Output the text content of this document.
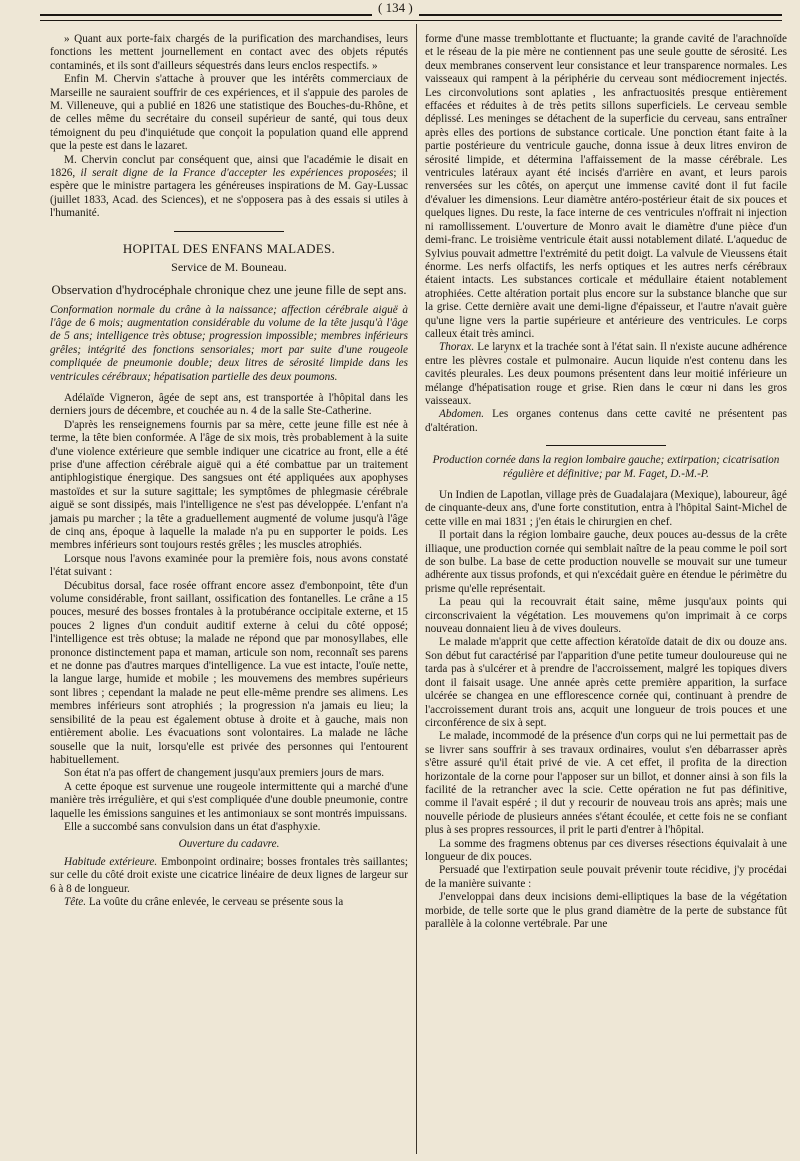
( 134 )

» Quant aux porte-faix chargés de la purification des marchandises, leurs fonctions les mettent journellement en contact avec des objets réputés contaminés, et ils sont d'ailleurs séquestrés dans leurs enclos respectifs. »

Enfin M. Chervin s'attache à prouver que les intérêts commerciaux de Marseille ne sauraient souffrir de ces expériences, et il s'appuie des paroles de M. Villeneuve, qui a publié en 1826 une statistique des Bouches-du-Rhône, et de celles même du secrétaire du conseil supérieur de santé, qui tous deux témoignent du peu d'inquiétude que conçoit la population quand elle apprend que la peste est dans le lazaret.

M. Chervin conclut par conséquent que, ainsi que l'académie le disait en 1826, il serait digne de la France d'accepter les expériences proposées; il espère que le ministre partagera les généreuses inspirations de M. Gay-Lussac (juillet 1833, Acad. des Sciences), et ne s'opposera pas à des essais si utiles à l'humanité.

HOPITAL DES ENFANS MALADES.

Service de M. Bouneau.

Observation d'hydrocéphale chronique chez une jeune fille de sept ans.

Conformation normale du crâne à la naissance; affection cérébrale aiguë à l'âge de 6 mois; augmentation considérable du volume de la tête jusqu'à l'âge de 5 ans; intelligence très obtuse; progression impossible; membres inférieurs grêles; intégrité des fonctions sensoriales; mort par suite d'une rougeole compliquée de pneumonie double; deux litres de sérosité limpide dans les ventricules cérébraux; hépatisation partielle des deux poumons.

Adélaïde Vigneron, âgée de sept ans, est transportée à l'hôpital dans les derniers jours de décembre, et couchée au n. 4 de la salle Ste-Catherine.

D'après les renseignemens fournis par sa mère, cette jeune fille est née à terme, la tête bien conformée. A l'âge de six mois, très probablement à la suite d'une violence extérieure que semble indiquer une cicatrice au front, elle a été prise d'une affection cérébrale aiguë qui a été combattue par un traitement antiphlogistique énergique. Des sangsues ont été appliquées aux apophyses mastoïdes et sur la suture sagittale; les symptômes de phlegmasie cérébrale aiguë se sont dissipés, mais l'intelligence ne s'est pas développée. L'enfant n'a jamais pu marcher ; la tête a graduellement augmenté de volume jusqu'à l'âge de cinq ans, époque à laquelle la malade n'a pu en supporter le poids. Les membres inférieurs sont toujours restés grêles ; les muscles atrophiés.

Lorsque nous l'avons examinée pour la première fois, nous avons constaté l'état suivant :

Décubitus dorsal, face rosée offrant encore assez d'embonpoint, tête d'un volume considérable, front saillant, ossification des fontanelles. Le crâne a 15 pouces, mesuré des bosses frontales à la protubérance occipitale externe, et 15 pouces 2 lignes d'un conduit auditif externe à celui du côté opposé; l'intelligence est très obtuse; la malade ne répond que par monosyllabes, elle prononce distinctement papa et maman, articule son nom, reconnaît ses parens et ne donne pas d'autres marques d'intelligence. La vue est intacte, l'ouïe nette, la langue large, humide et mobile ; les mouvemens des membres supérieurs sont libres ; cependant la malade ne peut elle-même prendre ses alimens. Les membres inférieurs sont atrophiés ; la progression n'a jamais eu lieu; la sensibilité de la peau est également obtuse à droite et à gauche, mais non entièrement abolie. Les évacuations sont volontaires. La malade ne lâche souselle que la nuit, lorsqu'elle est privée des personnes qui l'entourent habituellement.

Son état n'a pas offert de changement jusqu'aux premiers jours de mars.

A cette époque est survenue une rougeole intermittente qui a marché d'une manière très irrégulière, et qui s'est compliquée d'une double pneumonie, contre laquelle les émissions sanguines et les antimoniaux se sont montrés impuissans.

Elle a succombé sans convulsion dans un état d'asphyxie.

Ouverture du cadavre.

Habitude extérieure. Embonpoint ordinaire; bosses frontales très saillantes; sur celle du côté droit existe une cicatrice linéaire de deux lignes de largeur sur 6 à 8 de longueur.

Tête. La voûte du crâne enlevée, le cerveau se présente sous la

forme d'une masse tremblottante et fluctuante; la grande cavité de l'arachnoïde et le réseau de la pie mère ne contiennent pas une seule goutte de sérosité. Les deux membranes conservent leur consistance et leur transparence normales. Les vaisseaux qui rampent à la périphérie du cerveau sont médiocrement injectés. Les circonvolutions sont aplaties , les anfractuosités presque entièrement effacées et réduites à de très petits sillons superficiels. Le cerveau semble déplissé. Les meninges se détachent de la superficie du cerveau, sans entraîner après elles des portions de substance corticale. Une ponction étant faite à la partie postérieure du ventricule gauche, donna issue à deux litres environ de sérosité limpide, et détermina l'affaissement de la masse cérébrale. Les ventricules latéraux ayant été incisés d'arrière en avant, et leurs parois renversées sur les côtés, on aperçut une immense cavité dont il fut facile d'évaluer les dimensions. Leur diamètre antéro-postérieur était de six pouces et quelques lignes. Du reste, la face interne de ces ventricules n'offrait ni injection ni ramollissement. L'ouverture de Monro avait le diamètre d'une pièce d'un demi-franc. Le troisième ventricule était aussi notablement dilaté. L'aqueduc de Sylvius pouvait admettre l'extrémité du petit doigt. La valvule de Vieussens était énorme. Les nerfs olfactifs, les nerfs optiques et les autres nerfs cérébraux étaient intacts. Les substances corticale et médullaire étaient notablement atrophiées. Cette altération portait plus encore sur la substance blanche que sur la grise. Cette dernière avait une demi-ligne d'épaisseur, et l'autre n'avait guère qu'une ligne vers la partie supérieure et antérieure des ventricules. Le corps calleux était très aminci.

Thorax. Le larynx et la trachée sont à l'état sain. Il n'existe aucune adhérence entre les plèvres costale et pulmonaire. Aucun liquide n'est contenu dans les cavités pleurales. Les deux poumons présentent dans leur moitié inférieure un mélange d'hépatisation rouge et grise. Rien dans le cœur ni dans les gros vaisseaux.

Abdomen. Les organes contenus dans cette cavité ne présentent pas d'altération.

Production cornée dans la region lombaire gauche; extirpation; cicatrisation régulière et définitive; par M. Faget, D.-M.-P.

Un Indien de Lapotlan, village près de Guadalajara (Mexique), laboureur, âgé de cinquante-deux ans, d'une forte constitution, entra à l'hôpital Saint-Michel de cette ville en mai 1831 ; j'en étais le chirurgien en chef.

Il portait dans la région lombaire gauche, deux pouces au-dessus de la crête illiaque, une production cornée qui semblait naître de la peau comme le poil sort de son bulbe. La base de cette production nouvelle se mouvait sur une tumeur adhérente aux tissus profonds, et qui n'excédait guère en étendue le périmètre du prisme qu'elle représentait.

La peau qui la recouvrait était saine, même jusqu'aux points qui circonscrivaient la végétation. Les mouvemens qu'on imprimait à ce corps nouveau donnaient lieu à de vives douleurs.

Le malade m'apprit que cette affection kératoïde datait de dix ou douze ans. Son début fut caractérisé par l'apparition d'une petite tumeur douloureuse qui ne tarda pas à s'ulcérer et à prendre de l'accroissement, malgré les topiques divers dont il faisait usage. Une année après cette première apparition, la surface ulcérée se changea en une efflorescence cornée qui, continuant à prendre de l'accroissement durant trois ans, acquit une longueur de trois pouces et une circonférence de six à sept.

Le malade, incommodé de la présence d'un corps qui ne lui permettait pas de se livrer sans souffrir à ses travaux ordinaires, voulut s'en débarrasser après s'être assuré qu'il était privé de vie. A cet effet, il profita de la direction horizontale de la corne pour l'apposer sur un billot, et donner ainsi à son fils la facilité de la retrancher avec la scie. Cette opération ne fut pas définitive, comme il l'avait espéré ; il dut y recourir de nouveau trois ans après; mais une nouvelle période de plusieurs années s'étant écoulée, et cette fois ne se confiant plus à ses propres ressources, il prit le parti d'entrer à l'hôpital.

La somme des fragmens obtenus par ces diverses résections équivalait à une longueur de dix pouces.

Persuadé que l'extirpation seule pouvait prévenir toute récidive, j'y procédai de la manière suivante :

J'enveloppai dans deux incisions demi-elliptiques la base de la végétation morbide, de telle sorte que le plus grand diamètre de la perte de substance fût parallèle à la colonne vertébrale. Par une
